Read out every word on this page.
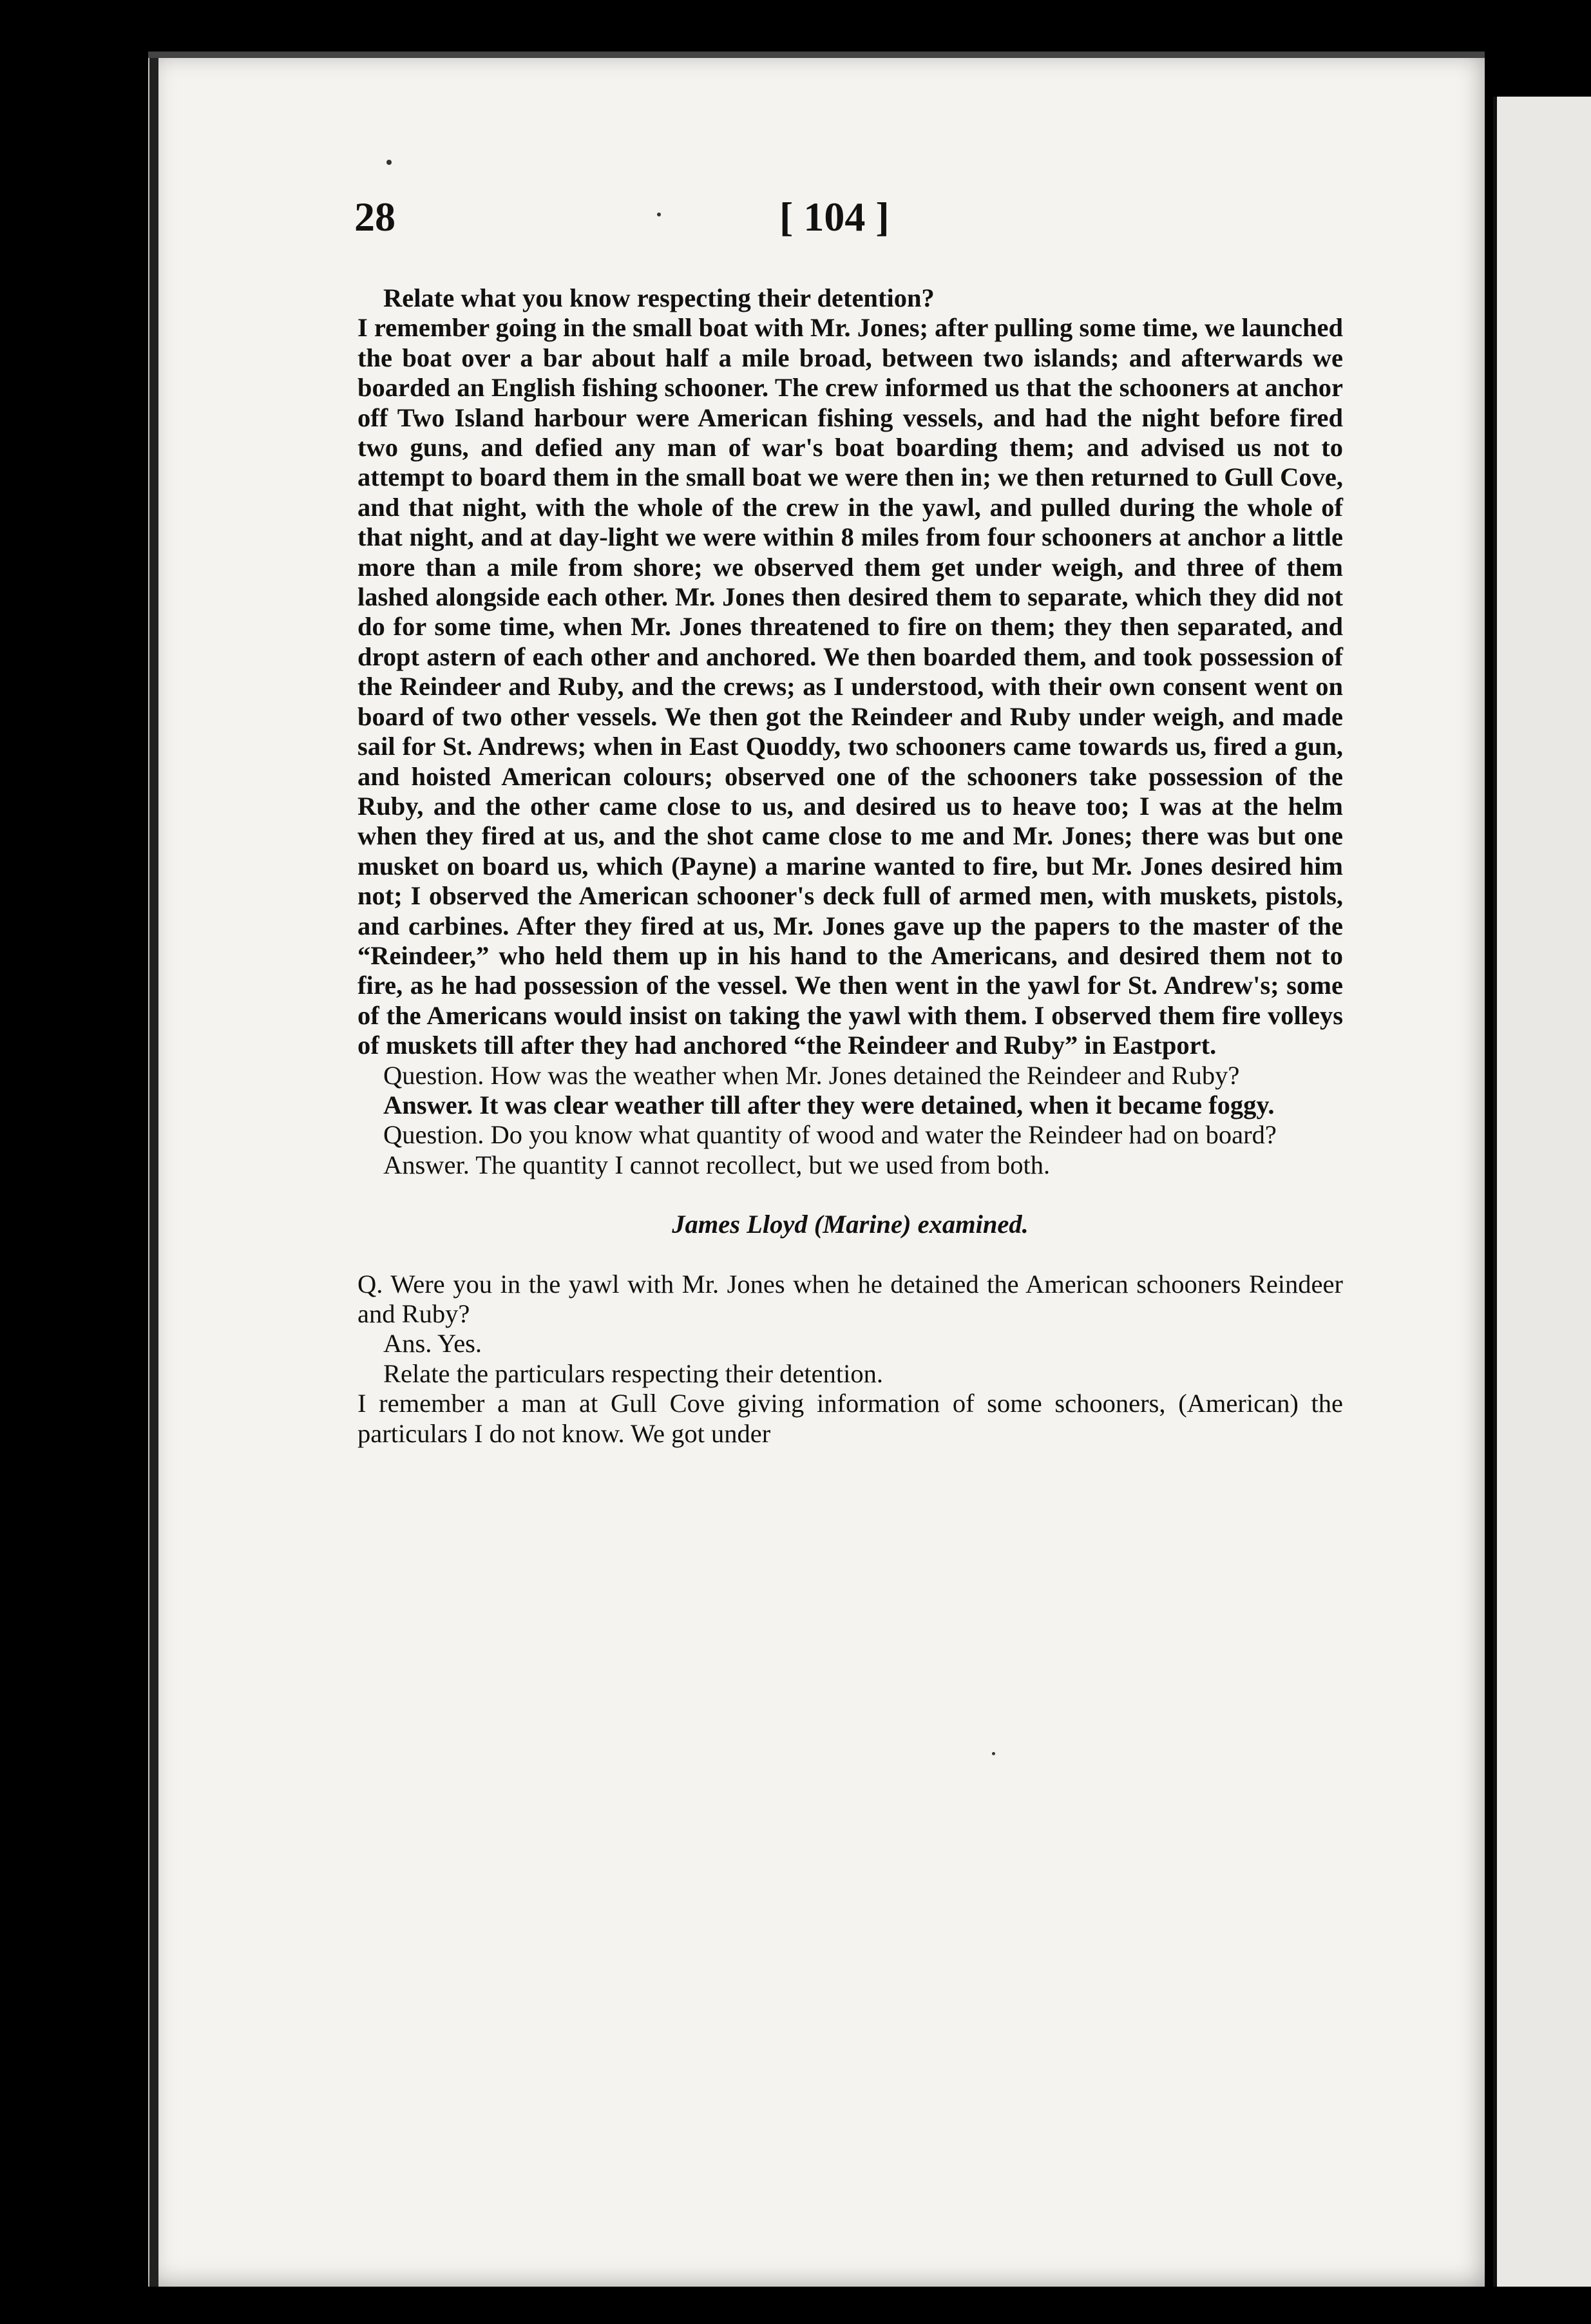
28	[ 104 ]

Relate what you know respecting their detention?

I remember going in the small boat with Mr. Jones; after pulling some time, we launched the boat over a bar about half a mile broad, between two islands; and afterwards we boarded an English fishing schooner. The crew informed us that the schooners at anchor off Two Island harbour were American fishing vessels, and had the night before fired two guns, and defied any man of war's boat boarding them; and advised us not to attempt to board them in the small boat we were then in; we then returned to Gull Cove, and that night, with the whole of the crew in the yawl, and pulled during the whole of that night, and at day-light we were within 8 miles from four schooners at anchor a little more than a mile from shore; we observed them get under weigh, and three of them lashed alongside each other. Mr. Jones then desired them to separate, which they did not do for some time, when Mr. Jones threatened to fire on them; they then separated, and dropt astern of each other and anchored. We then boarded them, and took possession of the Reindeer and Ruby, and the crews; as I understood, with their own consent went on board of two other vessels. We then got the Reindeer and Ruby under weigh, and made sail for St. Andrews; when in East Quoddy, two schooners came towards us, fired a gun, and hoisted American colours; observed one of the schooners take possession of the Ruby, and the other came close to us, and desired us to heave too; I was at the helm when they fired at us, and the shot came close to me and Mr. Jones; there was but one musket on board us, which (Payne) a marine wanted to fire, but Mr. Jones desired him not; I observed the American schooner's deck full of armed men, with muskets, pistols, and carbines. After they fired at us, Mr. Jones gave up the papers to the master of the “Reindeer,” who held them up in his hand to the Americans, and desired them not to fire, as he had possession of the vessel. We then went in the yawl for St. Andrew's; some of the Americans would insist on taking the yawl with them. I observed them fire volleys of muskets till after they had anchored “the Reindeer and Ruby” in Eastport.

Question. How was the weather when Mr. Jones detained the Reindeer and Ruby?

Answer. It was clear weather till after they were detained, when it became foggy.

Question. Do you know what quantity of wood and water the Reindeer had on board?

Answer. The quantity I cannot recollect, but we used from both.

James Lloyd (Marine) examined.

Q. Were you in the yawl with Mr. Jones when he detained the American schooners Reindeer and Ruby?

Ans. Yes.

Relate the particulars respecting their detention.

I remember a man at Gull Cove giving information of some schooners, (American) the particulars I do not know. We got under
